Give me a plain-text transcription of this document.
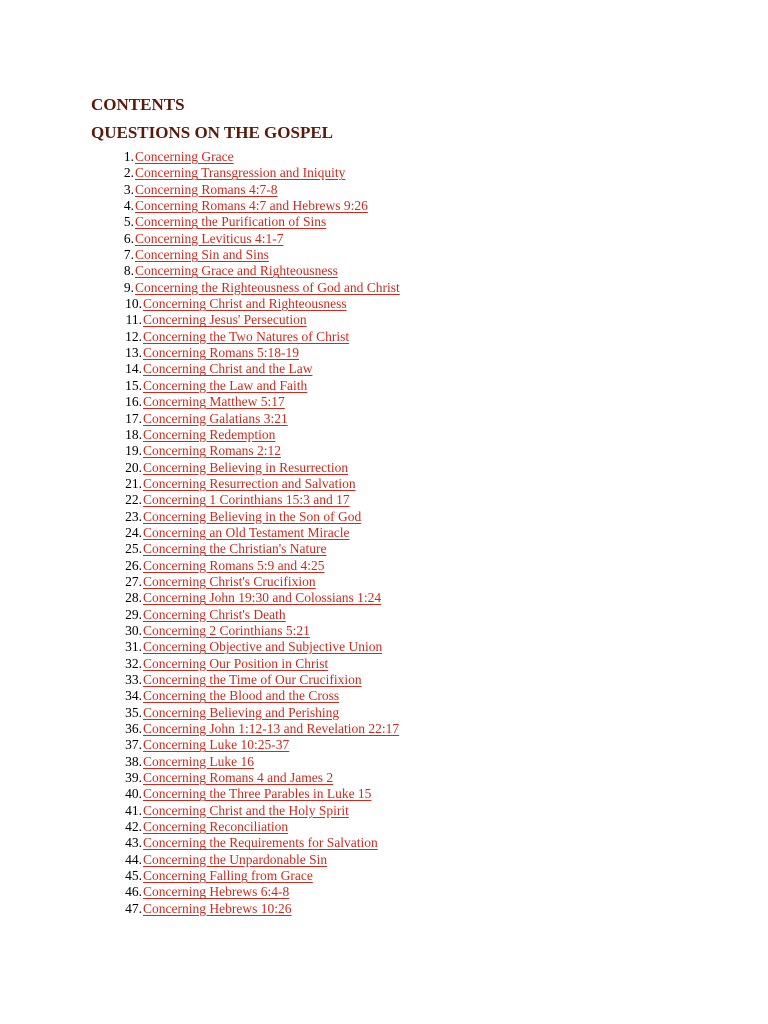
CONTENTS
QUESTIONS ON THE GOSPEL
1. Concerning Grace
2. Concerning Transgression and Iniquity
3. Concerning Romans 4:7-8
4. Concerning Romans 4:7 and Hebrews 9:26
5. Concerning the Purification of Sins
6. Concerning Leviticus 4:1-7
7. Concerning Sin and Sins
8. Concerning Grace and Righteousness
9. Concerning the Righteousness of God and Christ
10. Concerning Christ and Righteousness
11. Concerning Jesus' Persecution
12. Concerning the Two Natures of Christ
13. Concerning Romans 5:18-19
14. Concerning Christ and the Law
15. Concerning the Law and Faith
16. Concerning Matthew 5:17
17. Concerning Galatians 3:21
18. Concerning Redemption
19. Concerning Romans 2:12
20. Concerning Believing in Resurrection
21. Concerning Resurrection and Salvation
22. Concerning 1 Corinthians 15:3 and 17
23. Concerning Believing in the Son of God
24. Concerning an Old Testament Miracle
25. Concerning the Christian's Nature
26. Concerning Romans 5:9 and 4:25
27. Concerning Christ's Crucifixion
28. Concerning John 19:30 and Colossians 1:24
29. Concerning Christ's Death
30. Concerning 2 Corinthians 5:21
31. Concerning Objective and Subjective Union
32. Concerning Our Position in Christ
33. Concerning the Time of Our Crucifixion
34. Concerning the Blood and the Cross
35. Concerning Believing and Perishing
36. Concerning John 1:12-13 and Revelation 22:17
37. Concerning Luke 10:25-37
38. Concerning Luke 16
39. Concerning Romans 4 and James 2
40. Concerning the Three Parables in Luke 15
41. Concerning Christ and the Holy Spirit
42. Concerning Reconciliation
43. Concerning the Requirements for Salvation
44. Concerning the Unpardonable Sin
45. Concerning Falling from Grace
46. Concerning Hebrews 6:4-8
47. Concerning Hebrews 10:26
